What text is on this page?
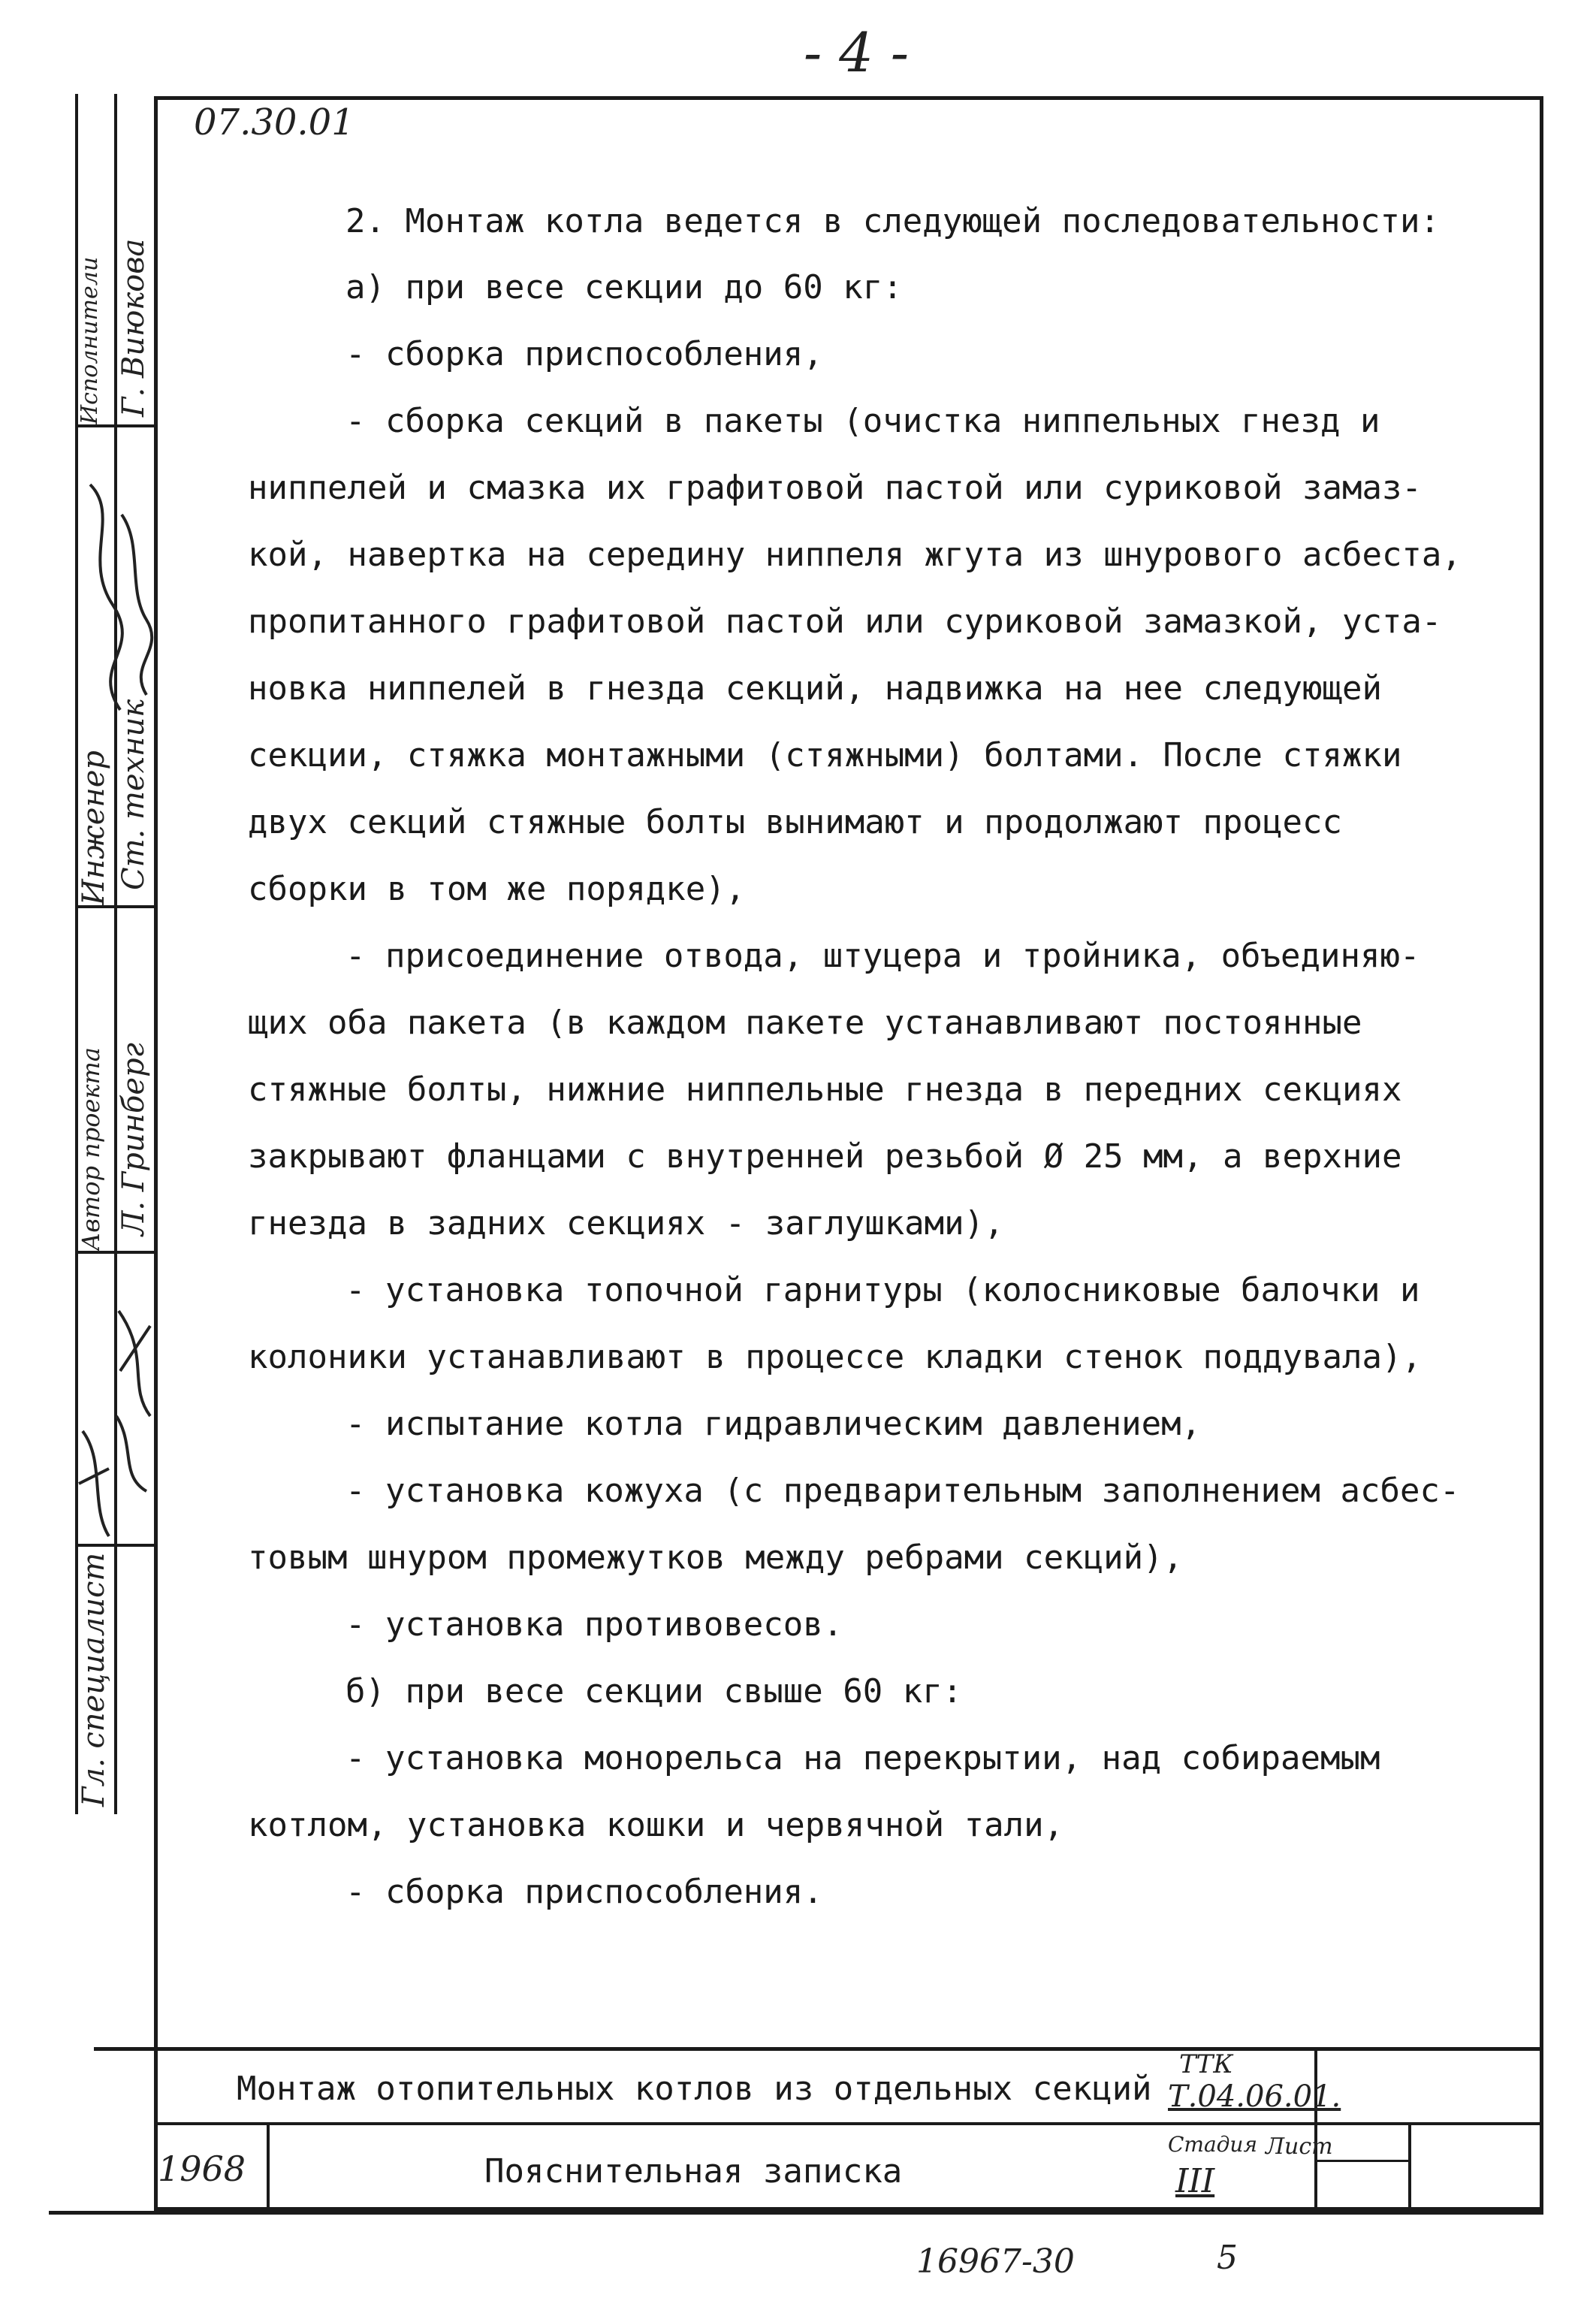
- 4 -
07.30.01
Г. Виюкова
Ст. техник
Л. Гринберг
Исполнители
Инженер
Автор проекта
Гл. специалист
2. Монтаж котла ведется в следующей последовательности:
а) при весе секции до 60 кг:
- сборка приспособления,
- сборка секций в пакеты (очистка ниппельных гнезд и
ниппелей и смазка их графитовой пастой или суриковой замаз-
кой, навертка на середину ниппеля жгута из шнурового асбеста,
пропитанного графитовой пастой или суриковой замазкой, уста-
новка ниппелей в гнезда секций, надвижка на нее следующей
секции, стяжка монтажными (стяжными) болтами. После стяжки
двух секций стяжные болты вынимают и продолжают процесс
сборки в том же порядке),
- присоединение отвода, штуцера и тройника, объединяю-
щих оба пакета (в каждом пакете устанавливают постоянные
стяжные болты, нижние ниппельные гнезда в передних секциях
закрывают фланцами с внутренней резьбой Ø 25 мм, а верхние
гнезда в задних секциях - заглушками),
- установка топочной гарнитуры (колосниковые балочки и
колоники устанавливают в процессе кладки стенок поддувала),
- испытание котла гидравлическим давлением,
- установка кожуха (с предварительным заполнением асбес-
товым шнуром промежутков между ребрами секций),
- установка противовесов.
б) при весе секции свыше 60 кг:
- установка монорельса на перекрытии, над собираемым
котлом, установка кошки и червячной тали,
- сборка приспособления.
Монтаж отопительных котлов из отдельных секций
Пояснительная записка
1968
ТТК
Т.04.06.01.
Стадия Лист
III
16967-30	5
